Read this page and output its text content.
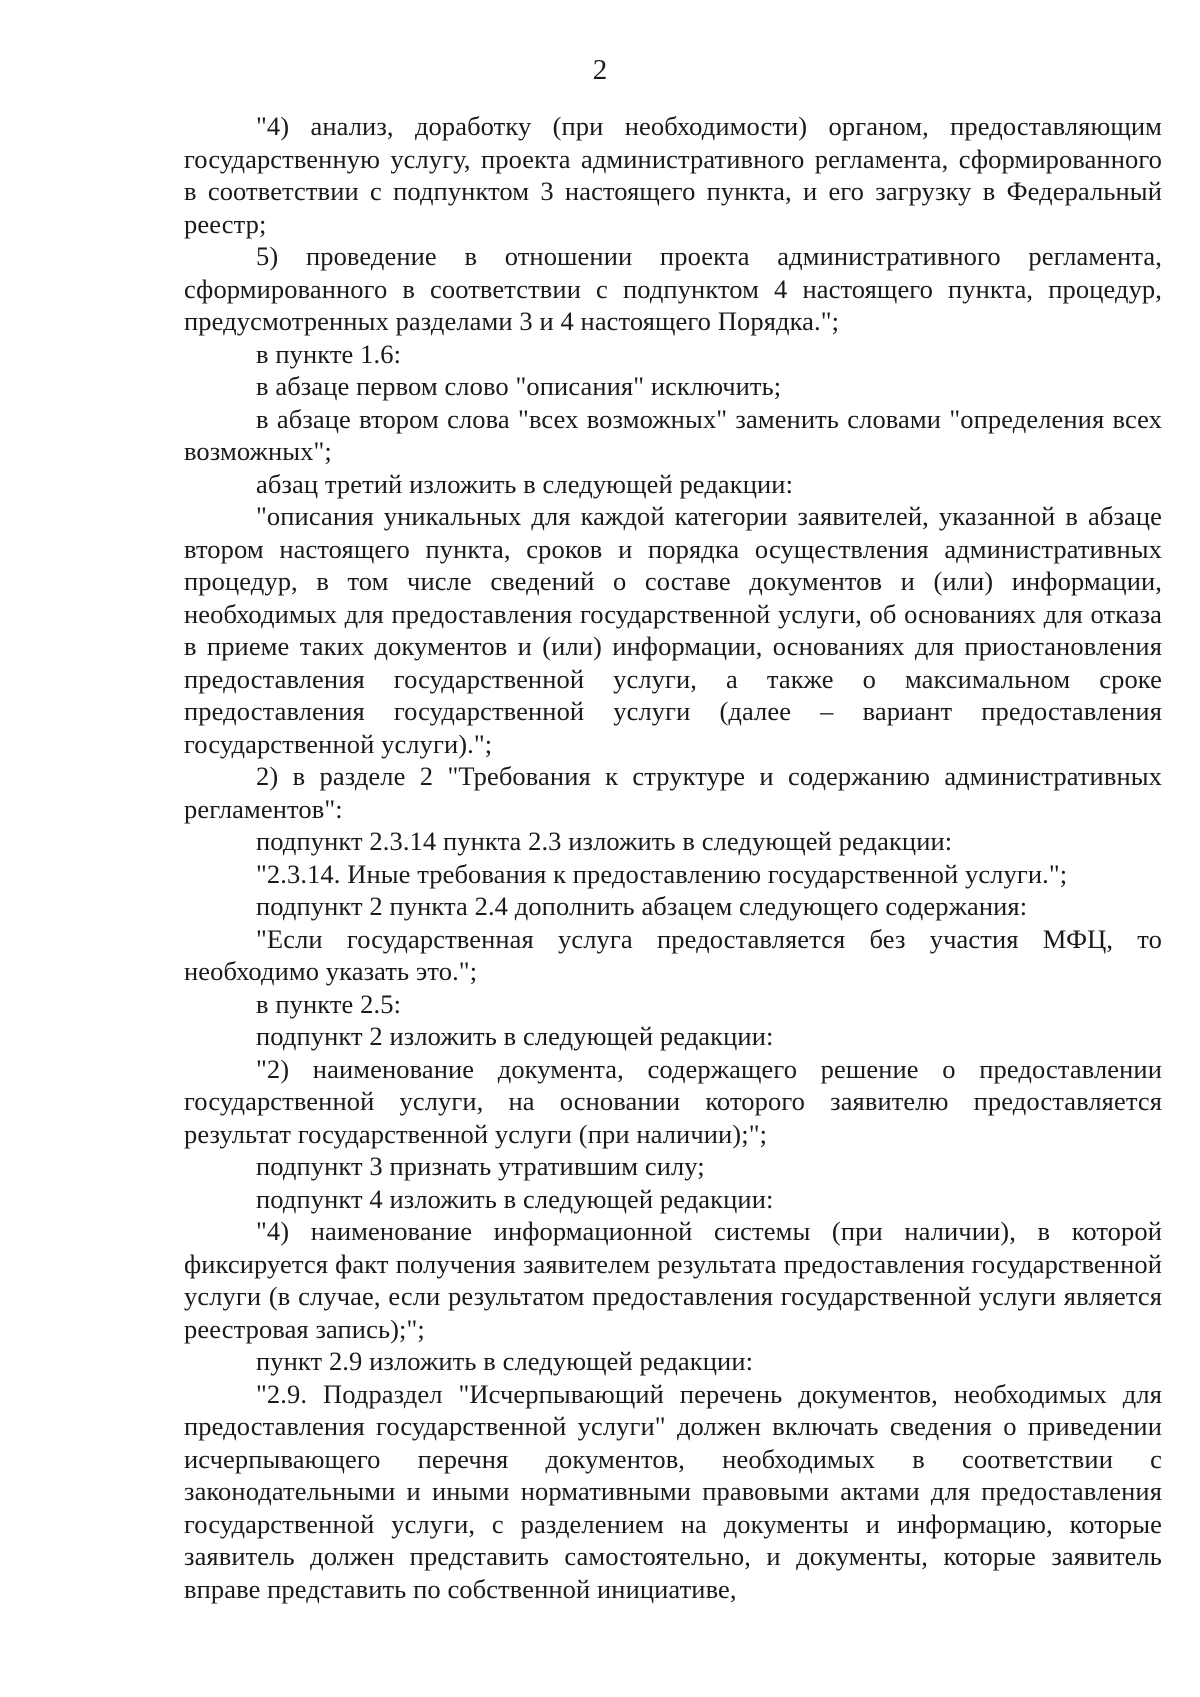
2

"4) анализ, доработку (при необходимости) органом, предоставляющим государственную услугу, проекта административного регламента, сформированного в соответствии с подпунктом 3 настоящего пункта, и его загрузку в Федеральный реестр;

5) проведение в отношении проекта административного регламента, сформированного в соответствии с подпунктом 4 настоящего пункта, процедур, предусмотренных разделами 3 и 4 настоящего Порядка.";

в пункте 1.6:

в абзаце первом слово "описания" исключить;

в абзаце втором слова "всех возможных" заменить словами "определения всех возможных";

абзац третий изложить в следующей редакции:

"описания уникальных для каждой категории заявителей, указанной в абзаце втором настоящего пункта, сроков и порядка осуществления административных процедур, в том числе сведений о составе документов и (или) информации, необходимых для предоставления государственной услуги, об основаниях для отказа в приеме таких документов и (или) информации, основаниях для приостановления предоставления государственной услуги, а также о максимальном сроке предоставления государственной услуги (далее – вариант предоставления государственной услуги).";

2) в разделе 2 "Требования к структуре и содержанию административных регламентов":

подпункт 2.3.14 пункта 2.3 изложить в следующей редакции:

"2.3.14. Иные требования к предоставлению государственной услуги.";

подпункт 2 пункта 2.4 дополнить абзацем следующего содержания:

"Если государственная услуга предоставляется без участия МФЦ, то необходимо указать это.";

в пункте 2.5:

подпункт 2 изложить в следующей редакции:

"2) наименование документа, содержащего решение о предоставлении государственной услуги, на основании которого заявителю предоставляется результат государственной услуги (при наличии);";

подпункт 3 признать утратившим силу;

подпункт 4 изложить в следующей редакции:

"4) наименование информационной системы (при наличии), в которой фиксируется факт получения заявителем результата предоставления государственной услуги (в случае, если результатом предоставления государственной услуги является реестровая запись);";

пункт 2.9 изложить в следующей редакции:

"2.9. Подраздел "Исчерпывающий перечень документов, необходимых для предоставления государственной услуги" должен включать сведения о приведении исчерпывающего перечня документов, необходимых в соответствии с законодательными и иными нормативными правовыми актами для предоставления государственной услуги, с разделением на документы и информацию, которые заявитель должен представить самостоятельно, и документы, которые заявитель вправе представить по собственной инициативе,
